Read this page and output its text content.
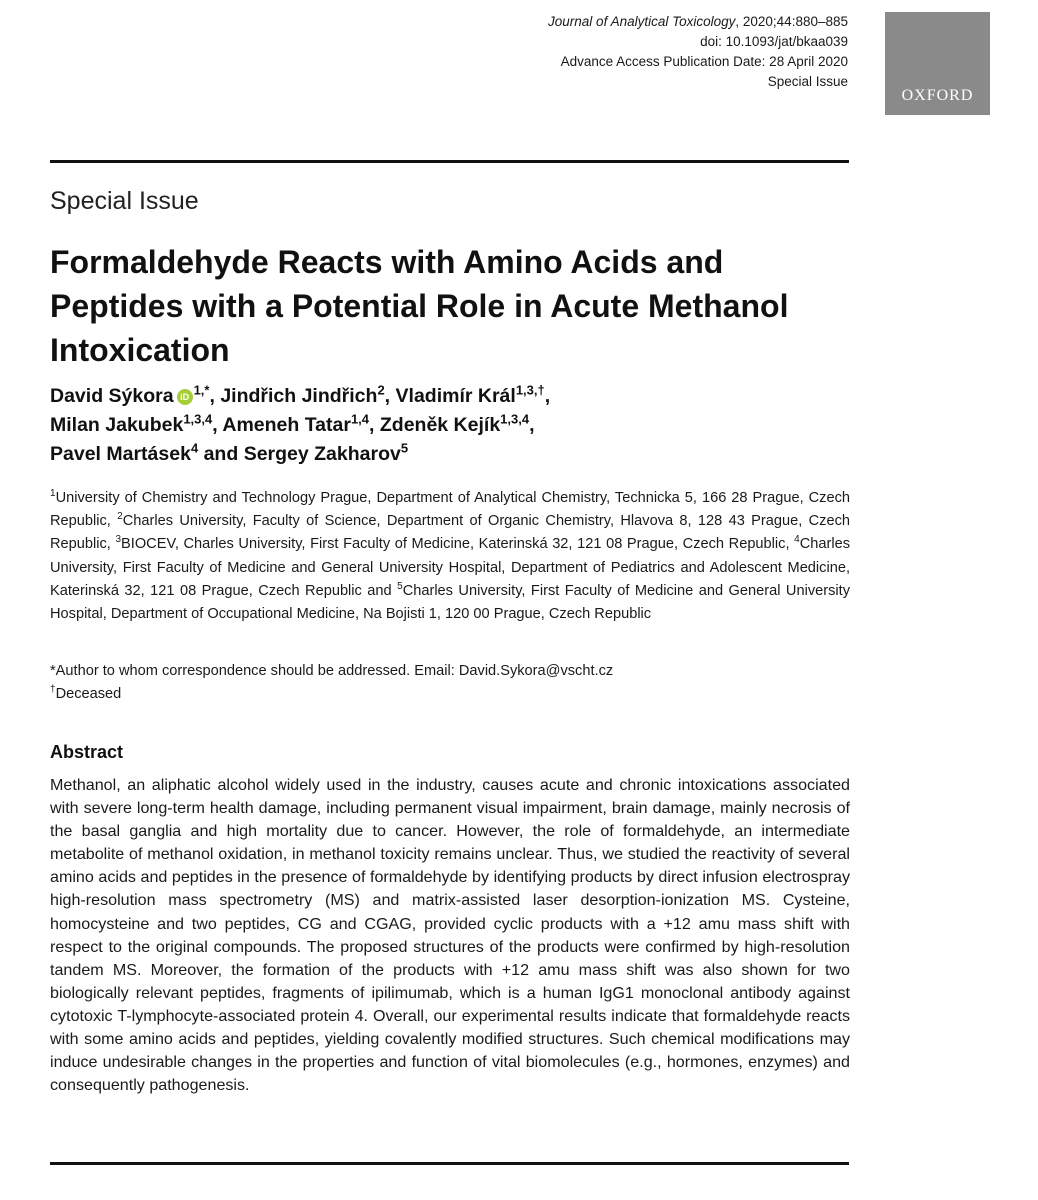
Journal of Analytical Toxicology, 2020;44:880–885
doi: 10.1093/jat/bkaa039
Advance Access Publication Date: 28 April 2020
Special Issue
OXFORD
Special Issue
Formaldehyde Reacts with Amino Acids and Peptides with a Potential Role in Acute Methanol Intoxication
David Sýkora iD $^{1,*}$, Jindřich Jindřich$^2$, Vladimír Král$^{1,3,\dagger}$,
Milan Jakubek$^{1,3,4}$, Ameneh Tatar$^{1,4}$, Zdeněk Kejík$^{1,3,4}$,
Pavel Martásek$^4$ and Sergey Zakharov$^5$
$^1$University of Chemistry and Technology Prague, Department of Analytical Chemistry, Technicka 5, 166 28 Prague, Czech Republic, $^2$Charles University, Faculty of Science, Department of Organic Chemistry, Hlavova 8, 128 43 Prague, Czech Republic, $^3$BIOCEV, Charles University, First Faculty of Medicine, Katerinská 32, 121 08 Prague, Czech Republic, $^4$Charles University, First Faculty of Medicine and General University Hospital, Department of Pediatrics and Adolescent Medicine, Katerinská 32, 121 08 Prague, Czech Republic and $^5$Charles University, First Faculty of Medicine and General University Hospital, Department of Occupational Medicine, Na Bojisti 1, 120 00 Prague, Czech Republic
*Author to whom correspondence should be addressed. Email: David.Sykora@vscht.cz
†Deceased
Abstract
Methanol, an aliphatic alcohol widely used in the industry, causes acute and chronic intoxications associated with severe long-term health damage, including permanent visual impairment, brain damage, mainly necrosis of the basal ganglia and high mortality due to cancer. However, the role of formaldehyde, an intermediate metabolite of methanol oxidation, in methanol toxicity remains unclear. Thus, we studied the reactivity of several amino acids and peptides in the presence of formaldehyde by identifying products by direct infusion electrospray high-resolution mass spectrometry (MS) and matrix-assisted laser desorption-ionization MS. Cysteine, homocysteine and two peptides, CG and CGAG, provided cyclic products with a +12 amu mass shift with respect to the original compounds. The proposed structures of the products were confirmed by high-resolution tandem MS. Moreover, the formation of the products with +12 amu mass shift was also shown for two biologically relevant peptides, fragments of ipilimumab, which is a human IgG1 monoclonal antibody against cytotoxic T-lymphocyte-associated protein 4. Overall, our experimental results indicate that formaldehyde reacts with some amino acids and peptides, yielding covalently modified structures. Such chemical modifications may induce undesirable changes in the properties and function of vital biomolecules (e.g., hormones, enzymes) and consequently pathogenesis.
